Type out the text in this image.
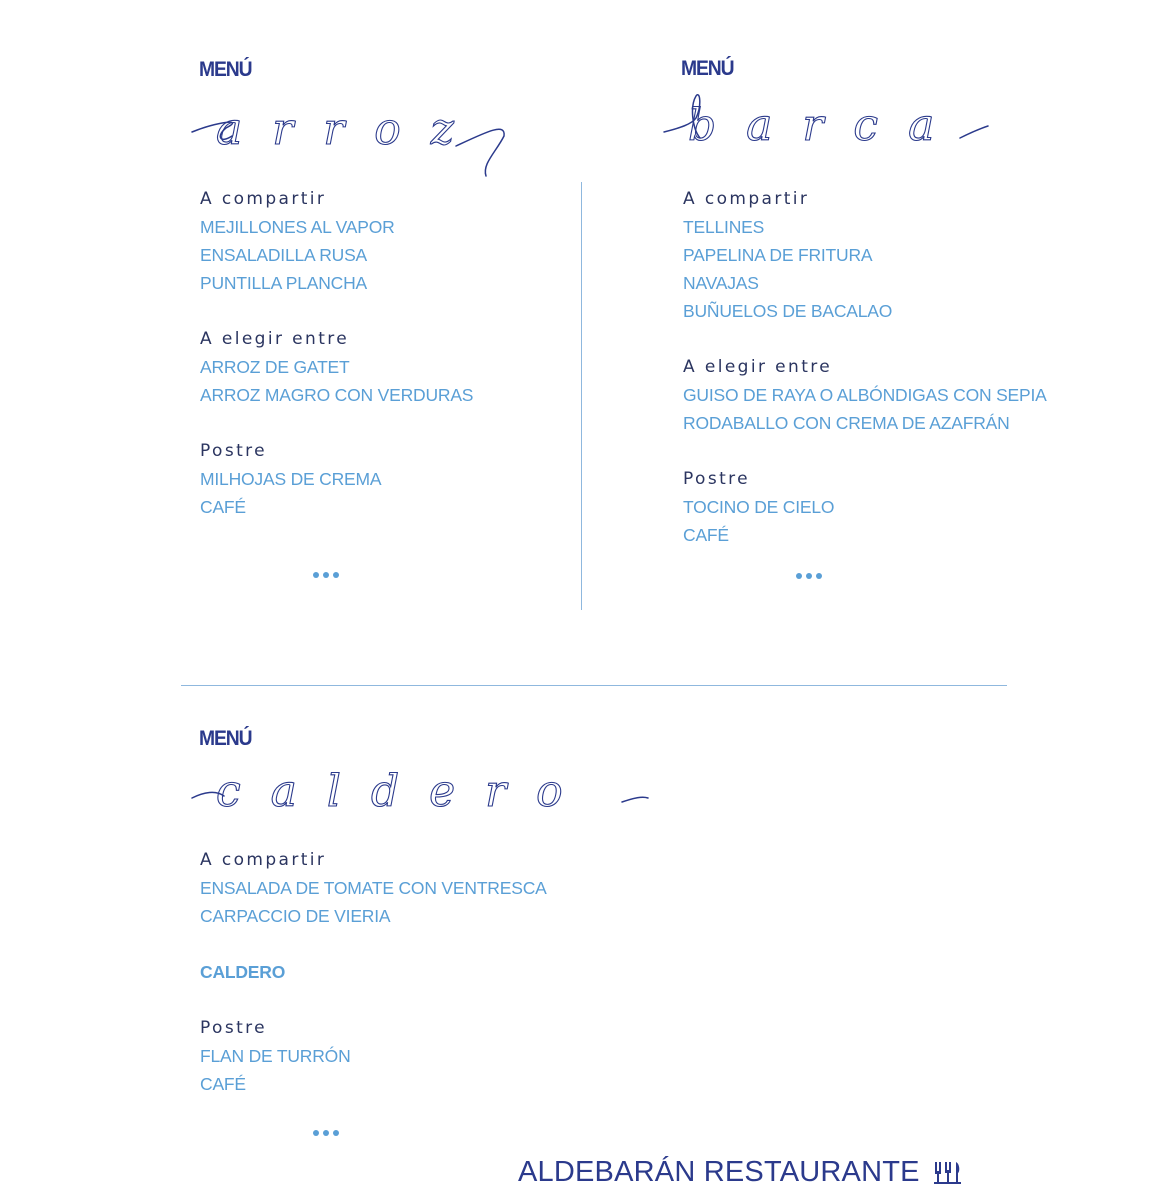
MENÚ

arroz

A compartir

MEJILLONES AL VAPOR
ENSALADILLA RUSA
PUNTILLA PLANCHA

A elegir entre

ARROZ DE GATET
ARROZ MAGRO CON VERDURAS

Postre

MILHOJAS DE CREMA
CAFÉ

MENÚ

barca

A compartir

TELLINES
PAPELINA DE FRITURA
NAVAJAS
BUÑUELOS DE BACALAO

A elegir entre

GUISO DE RAYA O ALBÓNDIGAS CON SEPIA
RODABALLO CON CREMA DE AZAFRÁN

Postre

TOCINO DE CIELO
CAFÉ

MENÚ

caldero

A compartir

ENSALADA DE TOMATE CON VENTRESCA
CARPACCIO DE VIERIA
CALDERO

Postre

FLAN DE TURRÓN
CAFÉ
ALDEBARÁN RESTAURANTE
